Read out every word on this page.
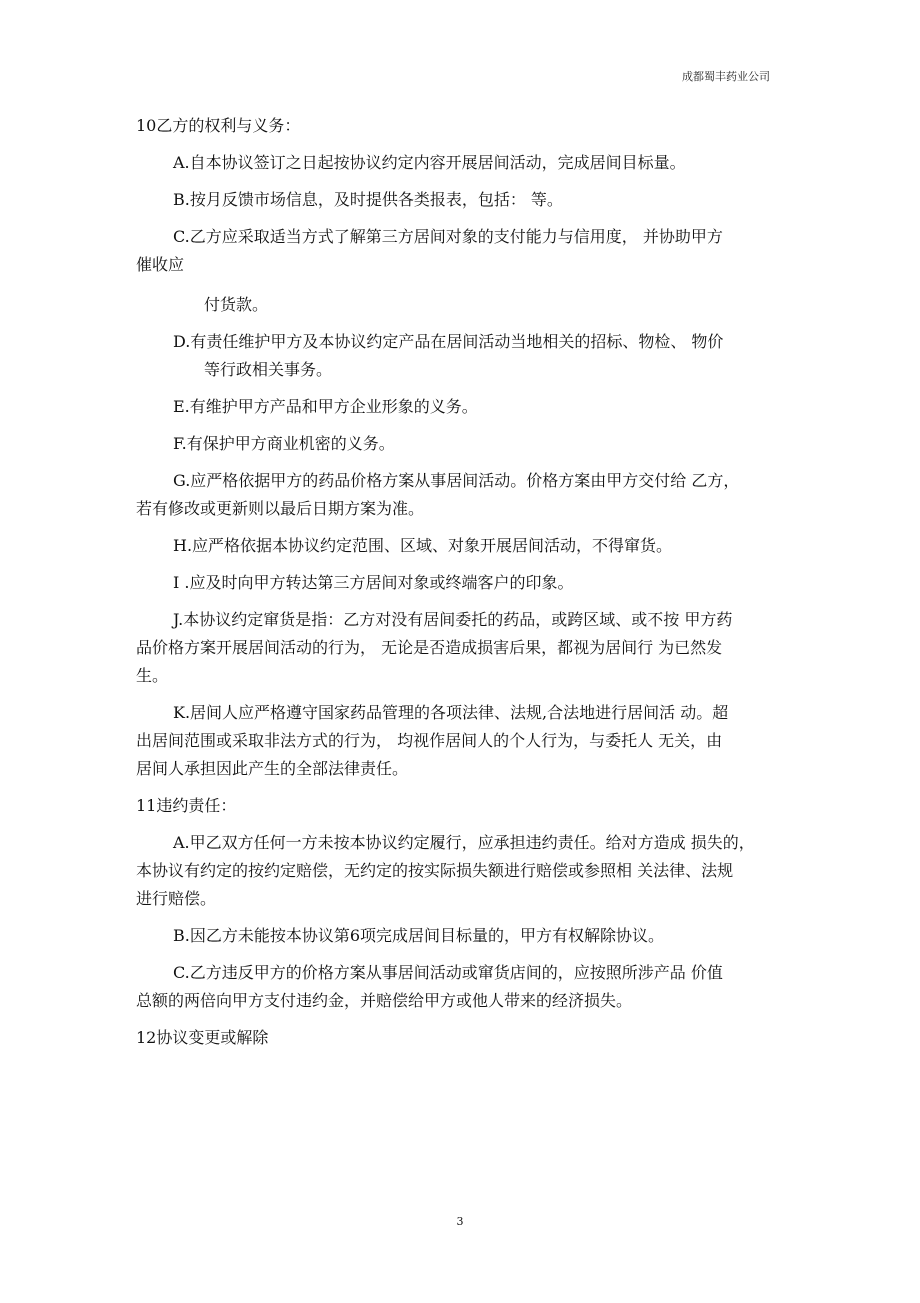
成都蜀丰药业公司
10乙方的权利与义务：
A.自本协议签订之日起按协议约定内容开展居间活动，完成居间目标量。
B.按月反馈市场信息，及时提供各类报表，包括： 等。
C.乙方应采取适当方式了解第三方居间对象的支付能力与信用度， 并协助甲方
催收应
付货款。
D.有责任维护甲方及本协议约定产品在居间活动当地相关的招标、物检、 物价
等行政相关事务。
E.有维护甲方产品和甲方企业形象的义务。
F.有保护甲方商业机密的义务。
G.应严格依据甲方的药品价格方案从事居间活动。价格方案由甲方交付给 乙方，
若有修改或更新则以最后日期方案为准。
H.应严格依据本协议约定范围、区域、对象开展居间活动，不得窜货。
I .应及时向甲方转达第三方居间对象或终端客户的印象。
J.本协议约定窜货是指：乙方对没有居间委托的药品，或跨区域、或不按 甲方药
品价格方案开展居间活动的行为， 无论是否造成损害后果，都视为居间行 为已然发
生。
K.居间人应严格遵守国家药品管理的各项法律、法规,合法地进行居间活 动。超
出居间范围或采取非法方式的行为， 均视作居间人的个人行为，与委托人 无关，由
居间人承担因此产生的全部法律责任。
11违约责任：
A.甲乙双方任何一方未按本协议约定履行，应承担违约责任。给对方造成 损失的，
本协议有约定的按约定赔偿，无约定的按实际损失额进行赔偿或参照相 关法律、法规
进行赔偿。
B.因乙方未能按本协议第6项完成居间目标量的，甲方有权解除协议。
C.乙方违反甲方的价格方案从事居间活动或窜货店间的，应按照所涉产品 价值
总额的两倍向甲方支付违约金，并赔偿给甲方或他人带来的经济损失。
12协议变更或解除
3
